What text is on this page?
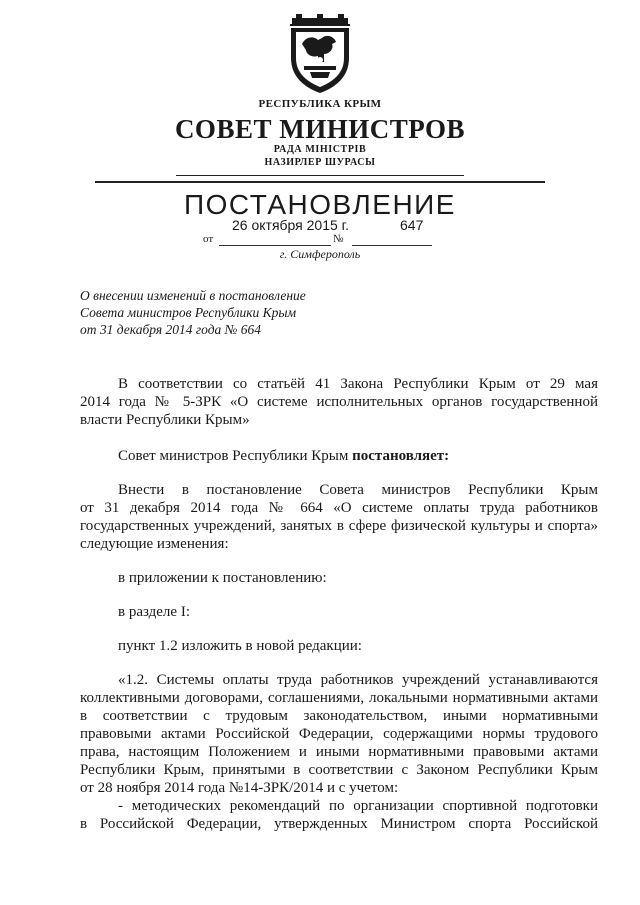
РЕСПУБЛИКА КРЫМ
СОВЕТ МИНИСТРОВ
РАДА МІНІСТРІВ
НАЗИРЛЕР ШУРАСЫ
ПОСТАНОВЛЕНИЕ
26 октября 2015 г.	647
от	№
г. Симферополь
О внесении изменений в постановление
Совета министров Республики Крым
от 31 декабря 2014 года № 664
В соответствии со статьёй 41 Закона Республики Крым от 29 мая
2014 года № 5-ЗРК «О системе исполнительных органов государственной
власти Республики Крым»
Совет министров Республики Крым постановляет:
Внести в постановление Совета министров Республики Крым
от 31 декабря 2014 года № 664 «О системе оплаты труда работников
государственных учреждений, занятых в сфере физической культуры и спорта»
следующие изменения:
в приложении к постановлению:
в разделе I:
пункт 1.2 изложить в новой редакции:
«1.2. Системы оплаты труда работников учреждений устанавливаются
коллективными договорами, соглашениями, локальными нормативными актами
в соответствии с трудовым законодательством, иными нормативными
правовыми актами Российской Федерации, содержащими нормы трудового
права, настоящим Положением и иными нормативными правовыми актами
Республики Крым, принятыми в соответствии с Законом Республики Крым
от 28 ноября 2014 года №14-ЗРК/2014 и с учетом:
- методических рекомендаций по организации спортивной подготовки
в Российской Федерации, утвержденных Министром спорта Российской
